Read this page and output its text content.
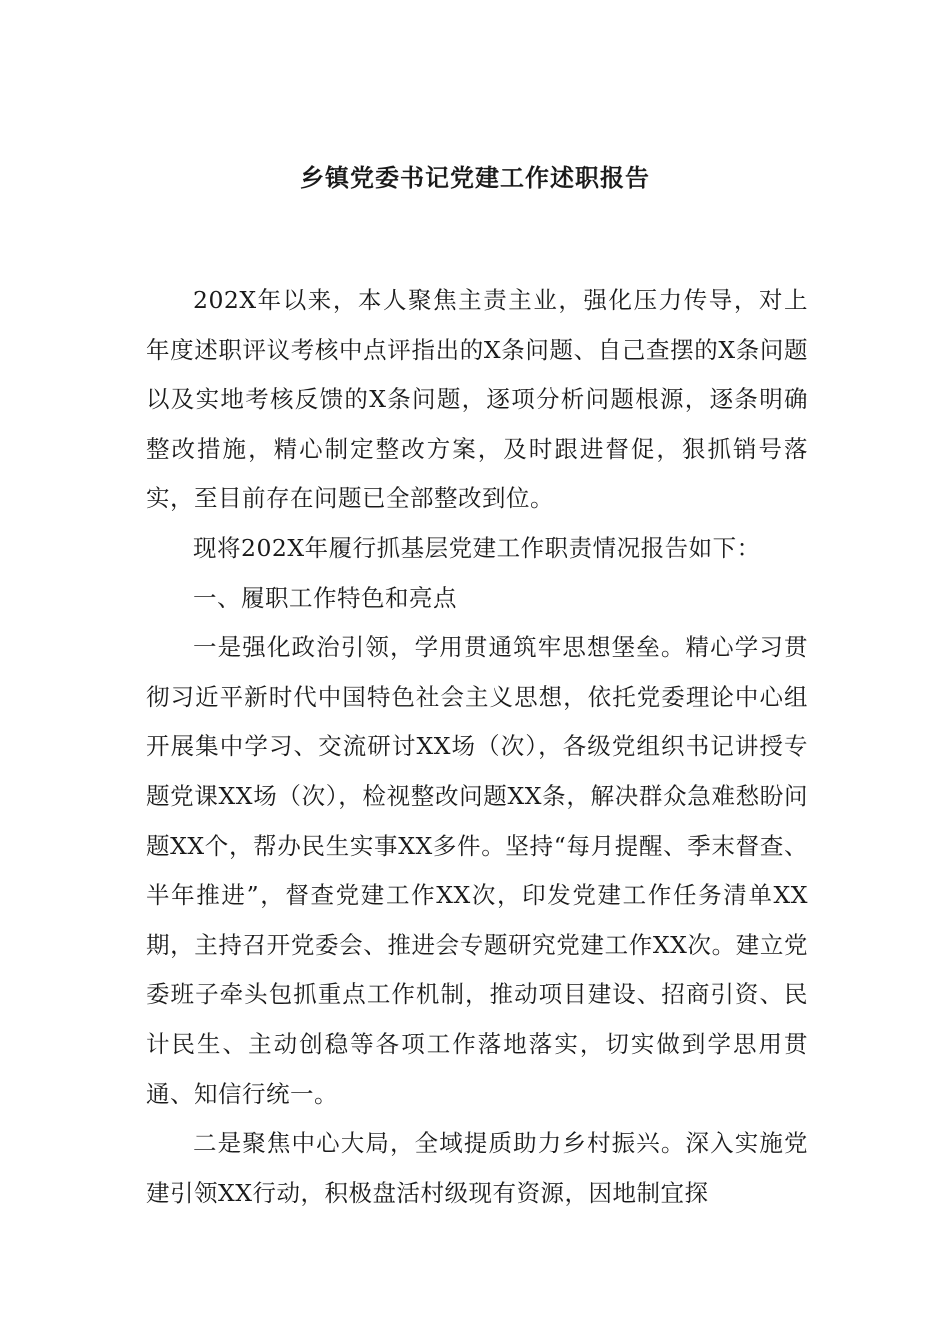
乡镇党委书记党建工作述职报告

202X年以来，本人聚焦主责主业，强化压力传导，对上年度述职评议考核中点评指出的X条问题、自己查摆的X条问题以及实地考核反馈的X条问题，逐项分析问题根源，逐条明确整改措施，精心制定整改方案，及时跟进督促，狠抓销号落实，至目前存在问题已全部整改到位。

现将202X年履行抓基层党建工作职责情况报告如下：

一、履职工作特色和亮点

一是强化政治引领，学用贯通筑牢思想堡垒。精心学习贯彻习近平新时代中国特色社会主义思想，依托党委理论中心组开展集中学习、交流研讨XX场（次），各级党组织书记讲授专题党课XX场（次），检视整改问题XX条，解决群众急难愁盼问题XX个，帮办民生实事XX多件。坚持“每月提醒、季末督查、半年推进”，督查党建工作XX次，印发党建工作任务清单XX期，主持召开党委会、推进会专题研究党建工作XX次。建立党委班子牵头包抓重点工作机制，推动项目建设、招商引资、民计民生、主动创稳等各项工作落地落实，切实做到学思用贯通、知信行统一。

二是聚焦中心大局，全域提质助力乡村振兴。深入实施党建引领XX行动，积极盘活村级现有资源，因地制宜探
